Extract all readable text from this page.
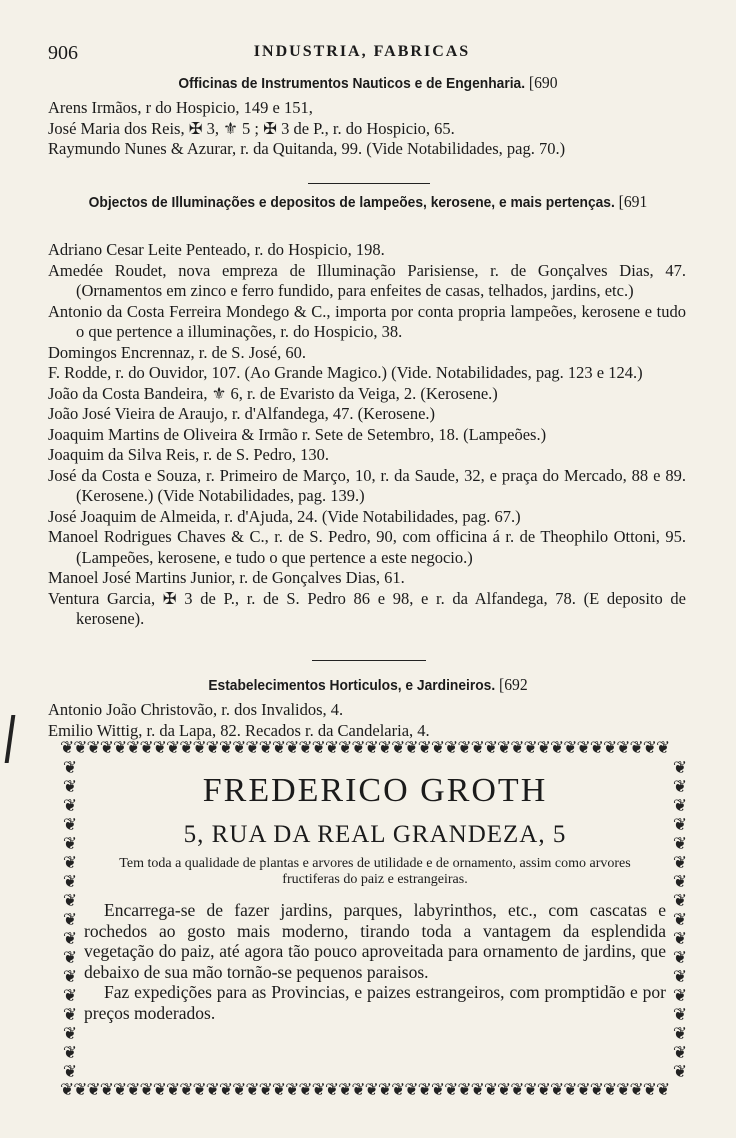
906	INDUSTRIA, FABRICAS
Officinas de Instrumentos Nauticos e de Engenharia. [690
Arens Irmãos, r do Hospicio, 149 e 151,
José Maria dos Reis, ✠ 3, ⚜ 5 ; ✠ 3 de P., r. do Hospicio, 65.
Raymundo Nunes & Azurar, r. da Quitanda, 99. (Vide Notabilidades, pag. 70.)
Objectos de Illuminações e depositos de lampeões, kerosene, e mais pertenças. [691
Adriano Cesar Leite Penteado, r. do Hospicio, 198.
Amedée Roudet, nova empreza de Illuminação Parisiense, r. de Gonçalves Dias, 47. (Ornamentos em zinco e ferro fundido, para enfeites de casas, telhados, jardins, etc.)
Antonio da Costa Ferreira Mondego & C., importa por conta propria lampeões, kerosene e tudo o que pertence a illuminações, r. do Hospicio, 38.
Domingos Encrennaz, r. de S. José, 60.
F. Rodde, r. do Ouvidor, 107. (Ao Grande Magico.) (Vide. Notabilidades, pag. 123 e 124.)
João da Costa Bandeira, ⚜ 6, r. de Evaristo da Veiga, 2. (Kerosene.)
João José Vieira de Araujo, r. d'Alfandega, 47. (Kerosene.)
Joaquim Martins de Oliveira & Irmão r. Sete de Setembro, 18. (Lampeões.)
Joaquim da Silva Reis, r. de S. Pedro, 130.
José da Costa e Souza, r. Primeiro de Março, 10, r. da Saude, 32, e praça do Mercado, 88 e 89. (Kerosene.) (Vide Notabilidades, pag. 139.)
José Joaquim de Almeida, r. d'Ajuda, 24. (Vide Notabilidades, pag. 67.)
Manoel Rodrigues Chaves & C., r. de S. Pedro, 90, com officina á r. de Theophilo Ottoni, 95. (Lampeões, kerosene, e tudo o que pertence a este negocio.)
Manoel José Martins Junior, r. de Gonçalves Dias, 61.
Ventura Garcia, ✠ 3 de P., r. de S. Pedro 86 e 98, e r. da Alfandega, 78. (E deposito de kerosene).
Estabelecimentos Horticulos, e Jardineiros. [692
Antonio João Christovão, r. dos Invalidos, 4.
Emilio Wittig, r. da Lapa, 82. Recados r. da Candelaria, 4.
❦❦❦❦❦❦❦❦❦❦❦❦❦❦❦❦❦❦❦❦❦❦❦❦❦❦❦❦❦❦❦❦❦❦❦❦❦❦❦❦❦❦❦❦❦❦
❦❦❦❦❦❦❦❦❦❦❦❦❦❦❦❦❦❦❦❦❦❦❦❦❦❦❦❦❦❦❦❦❦❦❦❦❦❦❦❦❦❦❦❦❦❦
❦
❦
❦
❦
❦
❦
❦
❦
❦
❦
❦
❦
❦
❦
❦
❦
❦
❦
❦
❦
❦
❦
❦
❦
❦
❦
❦
❦
❦
❦
❦
❦
❦
❦
FREDERICO GROTH
5, RUA DA REAL GRANDEZA, 5
Tem toda a qualidade de plantas e arvores de utilidade e de ornamento, assim como arvores fructiferas do paiz e estrangeiras.

Encarrega-se de fazer jardins, parques, labyrinthos, etc., com cascatas e rochedos ao gosto mais moderno, tirando toda a vantagem da esplendida vegetação do paiz, até agora tão pouco aproveitada para ornamento de jardins, que debaixo de sua mão tornão-se pequenos paraisos.

Faz expedições para as Provincias, e paizes estrangeiros, com promptidão e por preços moderados.
